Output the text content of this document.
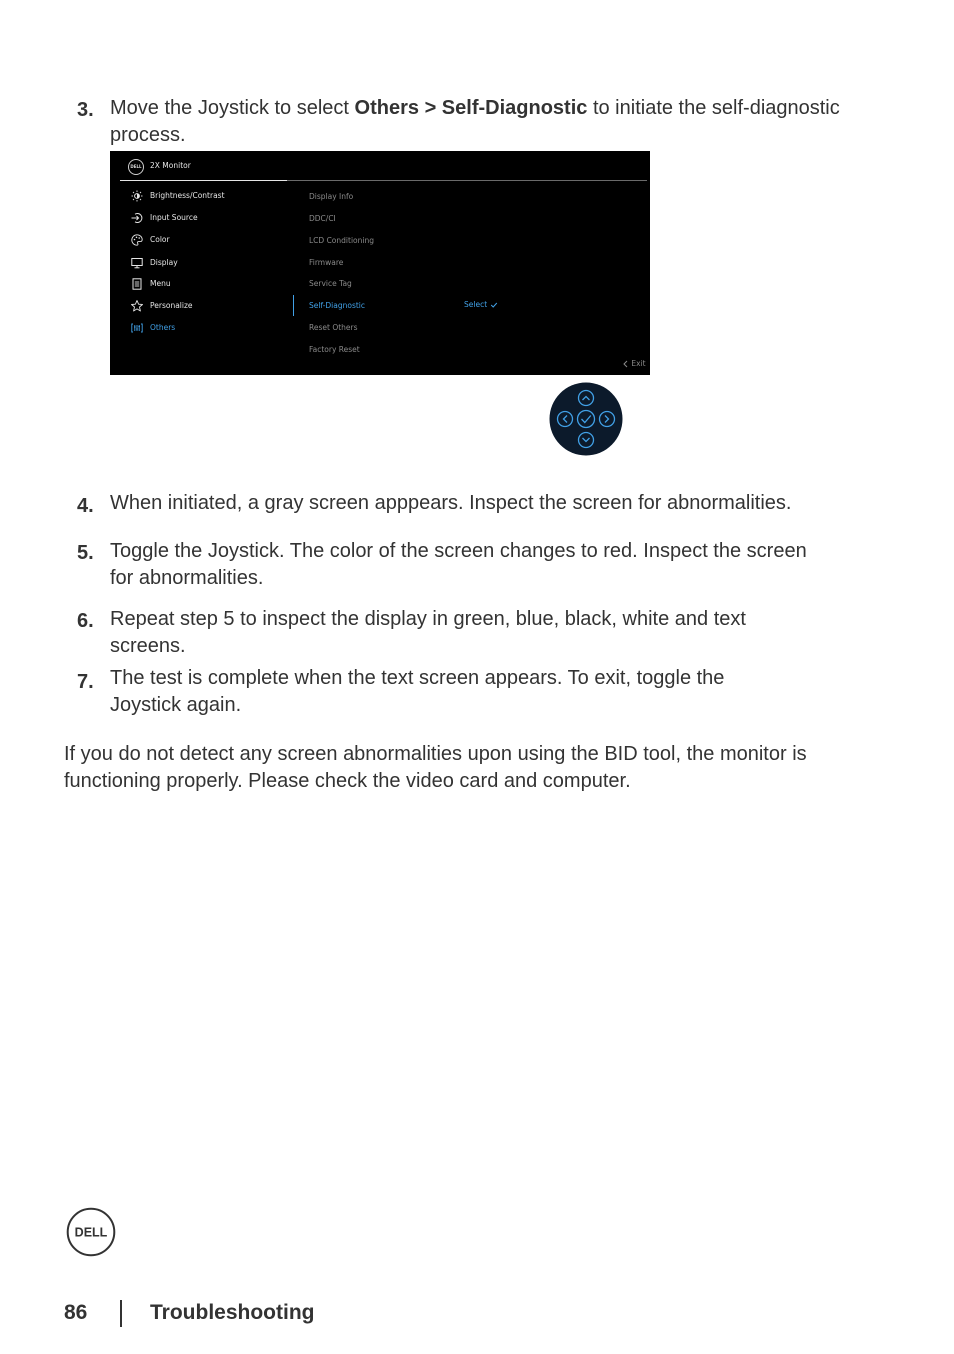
3. Move the Joystick to select Others > Self-Diagnostic to initiate the self-diagnostic process.
DELL	2X Monitor
Brightness/Contrast
Input Source
Color
Display
Menu
Personalize
Others
Display Info
DDC/CI
LCD Conditioning
Firmware
Service Tag
Self-Diagnostic
Reset Others
Factory Reset
Select
Exit
4. When initiated, a gray screen apppears. Inspect the screen for abnormalities.
5. Toggle the Joystick. The color of the screen changes to red. Inspect the screen for abnormalities.
6. Repeat step 5 to inspect the display in green, blue, black, white and text screens.
7. The test is complete when the text screen appears. To exit, toggle the Joystick again.
If you do not detect any screen abnormalities upon using the BID tool, the monitor is functioning properly. Please check the video card and computer.
DELL
86	Troubleshooting
